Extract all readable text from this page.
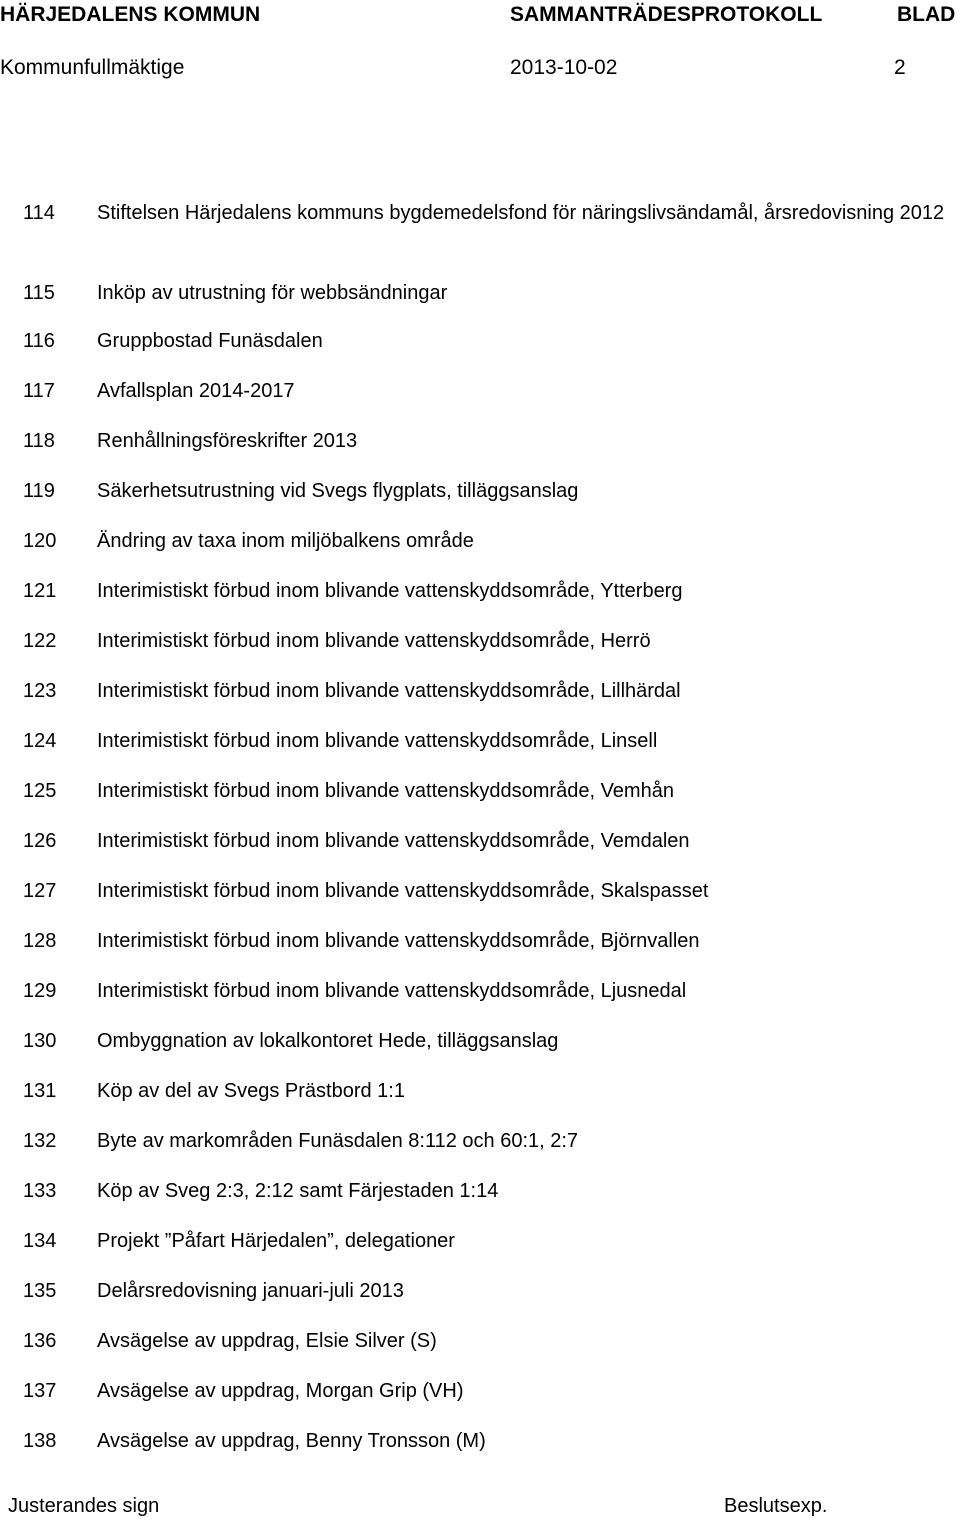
HÄRJEDALENS KOMMUN	SAMMANTRÄDESPROTOKOLL	BLAD
Kommunfullmäktige	2013-10-02	2
114 Stiftelsen Härjedalens kommuns bygdemedelsfond för näringslivsändamål, årsredovisning 2012
115 Inköp av utrustning för webbsändningar
116 Gruppbostad Funäsdalen
117 Avfallsplan 2014-2017
118 Renhållningsföreskrifter 2013
119 Säkerhetsutrustning vid Svegs flygplats, tilläggsanslag
120 Ändring av taxa inom miljöbalkens område
121 Interimistiskt förbud inom blivande vattenskyddsområde, Ytterberg
122 Interimistiskt förbud inom blivande vattenskyddsområde, Herrö
123 Interimistiskt förbud inom blivande vattenskyddsområde, Lillhärdal
124 Interimistiskt förbud inom blivande vattenskyddsområde, Linsell
125 Interimistiskt förbud inom blivande vattenskyddsområde, Vemhån
126 Interimistiskt förbud inom blivande vattenskyddsområde, Vemdalen
127 Interimistiskt förbud inom blivande vattenskyddsområde, Skalspasset
128 Interimistiskt förbud inom blivande vattenskyddsområde, Björnvallen
129 Interimistiskt förbud inom blivande vattenskyddsområde, Ljusnedal
130 Ombyggnation av lokalkontoret Hede, tilläggsanslag
131 Köp av del av Svegs Prästbord 1:1
132 Byte av markområden Funäsdalen 8:112 och 60:1, 2:7
133 Köp av Sveg 2:3, 2:12 samt Färjestaden 1:14
134 Projekt ”Påfart Härjedalen”, delegationer
135 Delårsredovisning januari-juli 2013
136 Avsägelse av uppdrag, Elsie Silver (S)
137 Avsägelse av uppdrag, Morgan Grip (VH)
138 Avsägelse av uppdrag, Benny Tronsson (M)
Justerandes sign	Beslutsexp.
